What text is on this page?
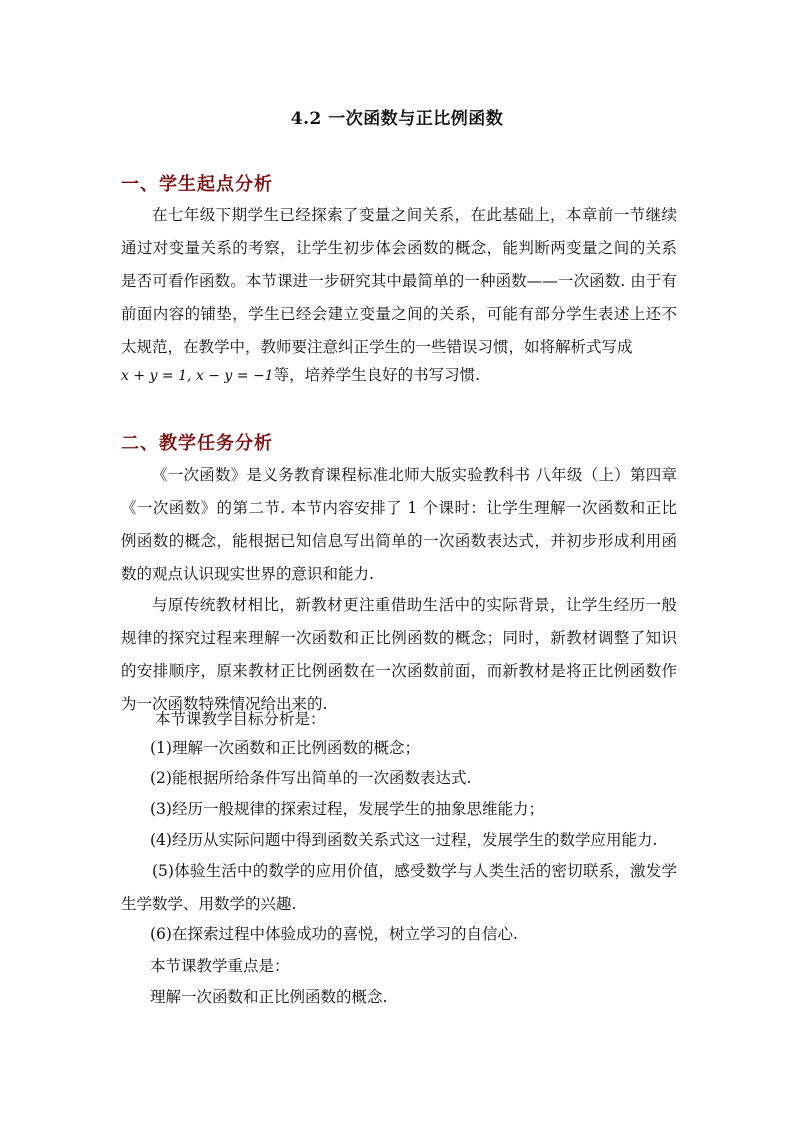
4.2 一次函数与正比例函数
一、学生起点分析

在七年级下期学生已经探索了变量之间关系，在此基础上，本章前一节继续通过对变量关系的考察，让学生初步体会函数的概念，能判断两变量之间的关系是否可看作函数。本节课进一步研究其中最简单的一种函数——一次函数. 由于有前面内容的铺垫，学生已经会建立变量之间的关系，可能有部分学生表述上还不太规范，在教学中，教师要注意纠正学生的一些错误习惯，如将解析式写成

x + y = 1, x − y = −1等，培养学生良好的书写习惯.

二、教学任务分析

《一次函数》是义务教育课程标准北师大版实验教科书 八年级（上）第四章 《一次函数》的第二节. 本节内容安排了 1 个课时：让学生理解一次函数和正比例函数的概念，能根据已知信息写出简单的一次函数表达式，并初步形成利用函数的观点认识现实世界的意识和能力.

与原传统教材相比，新教材更注重借助生活中的实际背景，让学生经历一般规律的探究过程来理解一次函数和正比例函数的概念；同时，新教材调整了知识的安排顺序，原来教材正比例函数在一次函数前面，而新教材是将正比例函数作为一次函数特殊情况给出来的.

本节课教学目标分析是：

(1)理解一次函数和正比例函数的概念；

(2)能根据所给条件写出简单的一次函数表达式.

(3)经历一般规律的探索过程，发展学生的抽象思维能力；

(4)经历从实际问题中得到函数关系式这一过程，发展学生的数学应用能力.

(5)体验生活中的数学的应用价值，感受数学与人类生活的密切联系，激发学生学数学、用数学的兴趣.

(6)在探索过程中体验成功的喜悦，树立学习的自信心.

本节课教学重点是：

理解一次函数和正比例函数的概念.
